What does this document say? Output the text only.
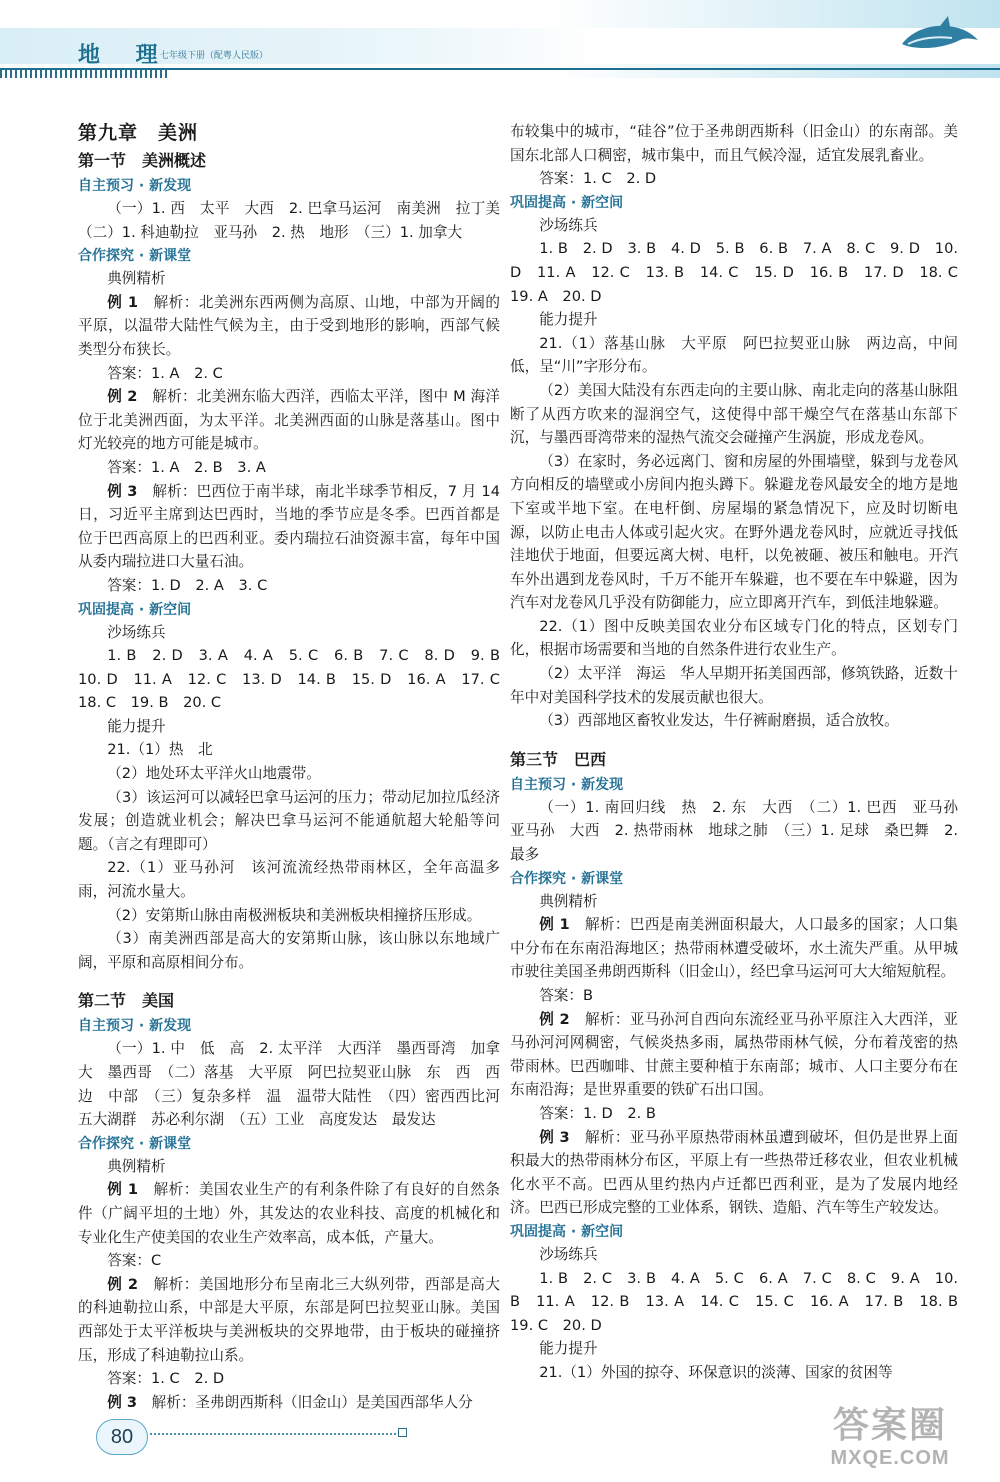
地 理
七年级下册（配粤人民版）

第九章　美洲

第一节　美洲概述

自主预习 · 新发现

（一）1. 西　太平　大西　2. 巴拿马运河　南美洲　拉丁美　（二）1. 科迪勒拉　亚马孙　2. 热　地形　（三）1. 加拿大

合作探究 · 新课堂

典例精析

例 1　解析：北美洲东西两侧为高原、山地，中部为开阔的平原，以温带大陆性气候为主，由于受到地形的影响，西部气候类型分布狭长。

答案：1. A　2. C

例 2　解析：北美洲东临大西洋，西临太平洋，图中 M 海洋位于北美洲西面，为太平洋。北美洲西面的山脉是落基山。图中灯光较亮的地方可能是城市。

答案：1. A　2. B　3. A

例 3　解析：巴西位于南半球，南北半球季节相反，7 月 14 日，习近平主席到达巴西时，当地的季节应是冬季。巴西首都是位于巴西高原上的巴西利亚。委内瑞拉石油资源丰富，每年中国从委内瑞拉进口大量石油。

答案：1. D　2. A　3. C

巩固提高 · 新空间

沙场练兵

1. B　2. D　3. A　4. A　5. C　6. B　7. C　8. D　9. B　10. D　11. A　12. C　13. D　14. B　15. D　16. A　17. C　18. C　19. B　20. C

能力提升

21.（1）热　北

（2）地处环太平洋火山地震带。

（3）该运河可以减轻巴拿马运河的压力；带动尼加拉瓜经济发展；创造就业机会；解决巴拿马运河不能通航超大轮船等问题。（言之有理即可）

22.（1）亚马孙河　该河流流经热带雨林区，全年高温多雨，河流水量大。

（2）安第斯山脉由南极洲板块和美洲板块相撞挤压形成。

（3）南美洲西部是高大的安第斯山脉，该山脉以东地域广阔，平原和高原相间分布。

第二节　美国

自主预习 · 新发现

（一）1. 中　低　高　2. 太平洋　大西洋　墨西哥湾　加拿大　墨西哥　（二）落基　大平原　阿巴拉契亚山脉　东　西　西边　中部　（三）复杂多样　温　温带大陆性　（四）密西西比河　五大湖群　苏必利尔湖　（五）工业　高度发达　最发达

合作探究 · 新课堂

典例精析

例 1　解析：美国农业生产的有利条件除了有良好的自然条件（广阔平坦的土地）外，其发达的农业科技、高度的机械化和专业化生产使美国的农业生产效率高，成本低，产量大。

答案：C

例 2　解析：美国地形分布呈南北三大纵列带，西部是高大的科迪勒拉山系，中部是大平原，东部是阿巴拉契亚山脉。美国西部处于太平洋板块与美洲板块的交界地带，由于板块的碰撞挤压，形成了科迪勒拉山系。

答案：1. C　2. D

例 3　解析：圣弗朗西斯科（旧金山）是美国西部华人分

布较集中的城市，“硅谷”位于圣弗朗西斯科（旧金山）的东南部。美国东北部人口稠密，城市集中，而且气候冷湿，适宜发展乳畜业。

答案：1. C　2. D

巩固提高 · 新空间

沙场练兵

1. B　2. D　3. B　4. D　5. B　6. B　7. A　8. C　9. D　10. D　11. A　12. C　13. B　14. C　15. D　16. B　17. D　18. C　19. A　20. D

能力提升

21.（1）落基山脉　大平原　阿巴拉契亚山脉　两边高，中间低，呈“川”字形分布。

（2）美国大陆没有东西走向的主要山脉、南北走向的落基山脉阻断了从西方吹来的湿润空气，这使得中部干燥空气在落基山东部下沉，与墨西哥湾带来的湿热气流交会碰撞产生涡旋，形成龙卷风。

（3）在家时，务必远离门、窗和房屋的外围墙壁，躲到与龙卷风方向相反的墙壁或小房间内抱头蹲下。躲避龙卷风最安全的地方是地下室或半地下室。在电杆倒、房屋塌的紧急情况下，应及时切断电源，以防止电击人体或引起火灾。在野外遇龙卷风时，应就近寻找低洼地伏于地面，但要远离大树、电杆，以免被砸、被压和触电。开汽车外出遇到龙卷风时，千万不能开车躲避，也不要在车中躲避，因为汽车对龙卷风几乎没有防御能力，应立即离开汽车，到低洼地躲避。

22.（1）图中反映美国农业分布区域专门化的特点，区划专门化，根据市场需要和当地的自然条件进行农业生产。

（2）太平洋　海运　华人早期开拓美国西部，修筑铁路，近数十年中对美国科学技术的发展贡献也很大。

（3）西部地区畜牧业发达，牛仔裤耐磨损，适合放牧。

第三节　巴西

自主预习 · 新发现

（一）1. 南回归线　热　2. 东　大西　（二）1. 巴西　亚马孙　亚马孙　大西　2. 热带雨林　地球之肺　（三）1. 足球　桑巴舞　2. 最多

合作探究 · 新课堂

典例精析

例 1　解析：巴西是南美洲面积最大，人口最多的国家；人口集中分布在东南沿海地区；热带雨林遭受破坏，水土流失严重。从甲城市驶往美国圣弗朗西斯科（旧金山），经巴拿马运河可大大缩短航程。

答案：B

例 2　解析：亚马孙河自西向东流经亚马孙平原注入大西洋，亚马孙河河网稠密，气候炎热多雨，属热带雨林气候，分布着茂密的热带雨林。巴西咖啡、甘蔗主要种植于东南部；城市、人口主要分布在东南沿海；是世界重要的铁矿石出口国。

答案：1. D　2. B

例 3　解析：亚马孙平原热带雨林虽遭到破坏，但仍是世界上面积最大的热带雨林分布区，平原上有一些热带迁移农业，但农业机械化水平不高。巴西从里约热内卢迁都巴西利亚，是为了发展内地经济。巴西已形成完整的工业体系，钢铁、造船、汽车等生产较发达。

巩固提高 · 新空间

沙场练兵

1. B　2. C　3. B　4. A　5. C　6. A　7. C　8. C　9. A　10. B　11. A　12. B　13. A　14. C　15. C　16. A　17. B　18. B　19. C　20. D

能力提升

21.（1）外国的掠夺、环保意识的淡薄、国家的贫困等

80	答案圈
MXQE.COM
